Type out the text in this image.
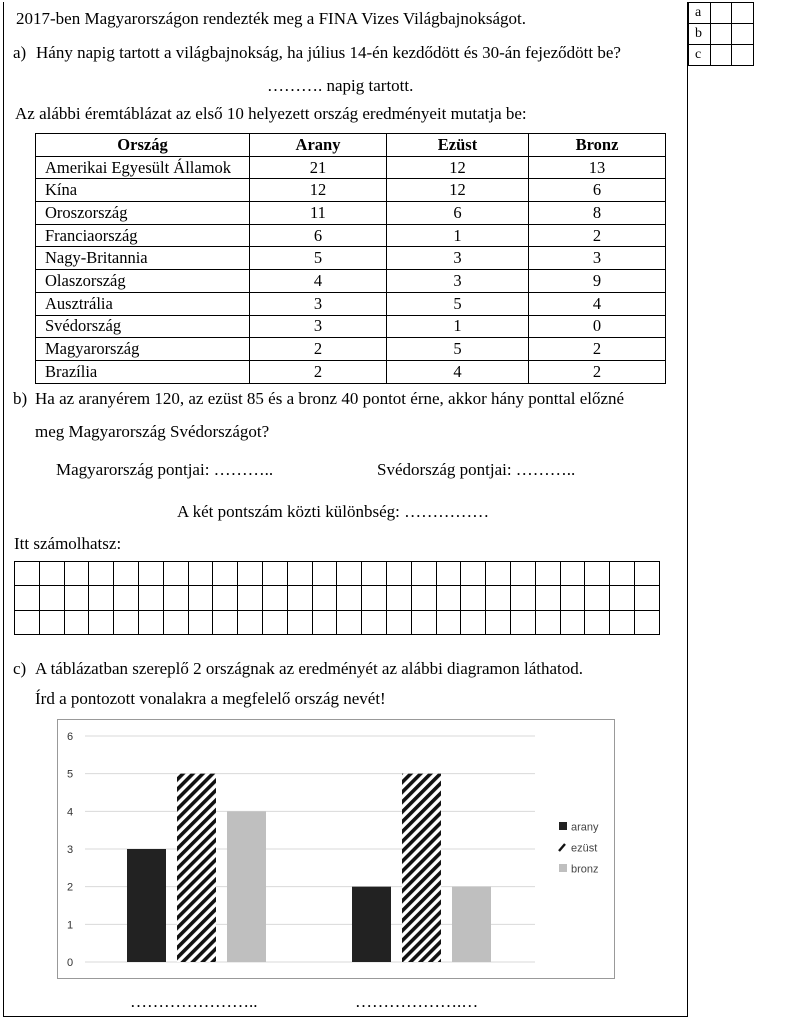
a		
b		
c		
2017-ben Magyarországon rendezték meg a FINA Vizes Világbajnokságot.
a) Hány napig tartott a világbajnokság, ha július 14-én kezdődött és 30-án fejeződött be?
………. napig tartott.
Az alábbi éremtáblázat az első 10 helyezett ország eredményeit mutatja be:
Ország	Arany	Ezüst	Bronz
Amerikai Egyesült Államok	21	12	13
Kína	12	12	6
Oroszország	11	6	8
Franciaország	6	1	2
Nagy-Britannia	5	3	3
Olaszország	4	3	9
Ausztrália	3	5	4
Svédország	3	1	0
Magyarország	2	5	2
Brazília	2	4	2
b) Ha az aranyérem 120, az ezüst 85 és a bronz 40 pontot érne, akkor hány ponttal előzné
meg Magyarország Svédországot?
Magyarország pontjai: ………..	Svédország pontjai: ………..
A két pontszám közti különbség: ……………
Itt számolhatsz:

c) A táblázatban szereplő 2 országnak az eredményét az alábbi diagramon láthatod.
Írd a pontozott vonalakra a megfelelő ország nevét!
0
1
2
3
4
5
6
arany
ezüst
bronz
…………………..	……………….…
